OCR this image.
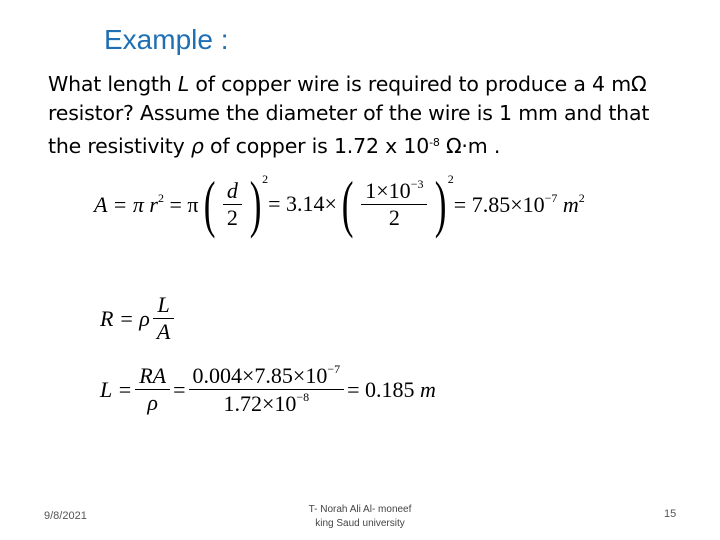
Example :

What length L of copper wire is required to produce a 4 mΩ

resistor? Assume the diameter of the wire is 1 mm and that

the resistivity ρ of copper is 1.72 x $10^{-8}$ Ω·m .

A = π $r^2 = \pi( \frac{d}{2} )^2= 3.14\times( \frac{1\times 10^{-3}}{2} )^2= 7.85\times 10^{-7}$ $m^2$
R = ρ $\frac{L}{A}$
$L = \frac{RA}{\rho} = \frac{0.004\times 7.85\times 10^{-7}}{1.72\times 10^{-8}} = 0.185$ m
9/8/2021
T- Norah Ali Al- moneef
king Saud university
15
